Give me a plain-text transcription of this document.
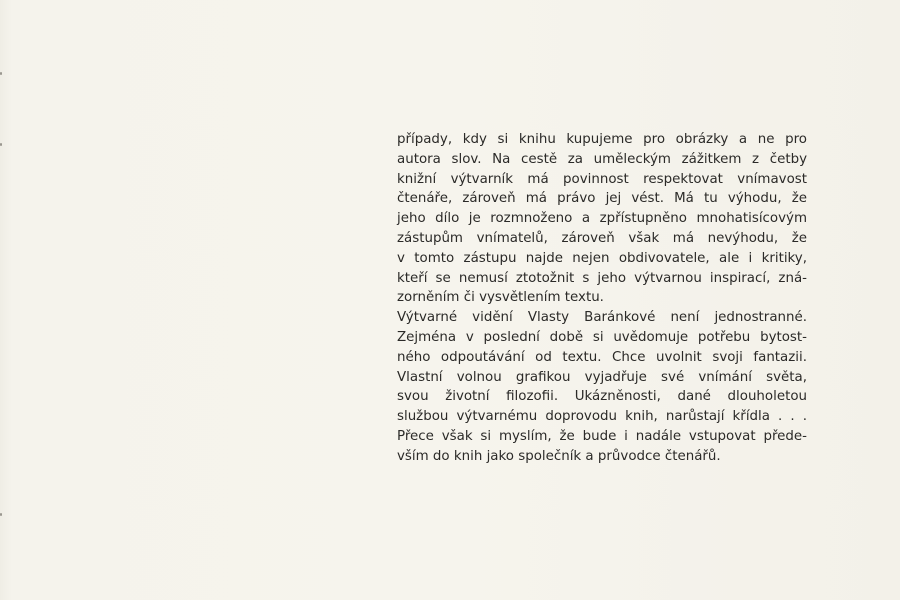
případy, kdy si knihu kupujeme pro obrázky a ne pro
autora slov. Na cestě za uměleckým zážitkem z četby
knižní výtvarník má povinnost respektovat vnímavost
čtenáře, zároveň má právo jej vést. Má tu výhodu, že
jeho dílo je rozmnoženo a zpřístupněno mnohatisícovým
zástupům vnímatelů, zároveň však má nevýhodu, že
v tomto zástupu najde nejen obdivovatele, ale i kritiky,
kteří se nemusí ztotožnit s jeho výtvarnou inspirací, zná-
zorněním či vysvětlením textu.
Výtvarné vidění Vlasty Baránkové není jednostranné.
Zejména v poslední době si uvědomuje potřebu bytost-
ného odpoutávání od textu. Chce uvolnit svoji fantazii.
Vlastní volnou grafikou vyjadřuje své vnímání světa,
svou životní filozofii. Ukázněnosti, dané dlouholetou
službou výtvarnému doprovodu knih, narůstají křídla . . .
Přece však si myslím, že bude i nadále vstupovat přede-
vším do knih jako společník a průvodce čtenářů.
